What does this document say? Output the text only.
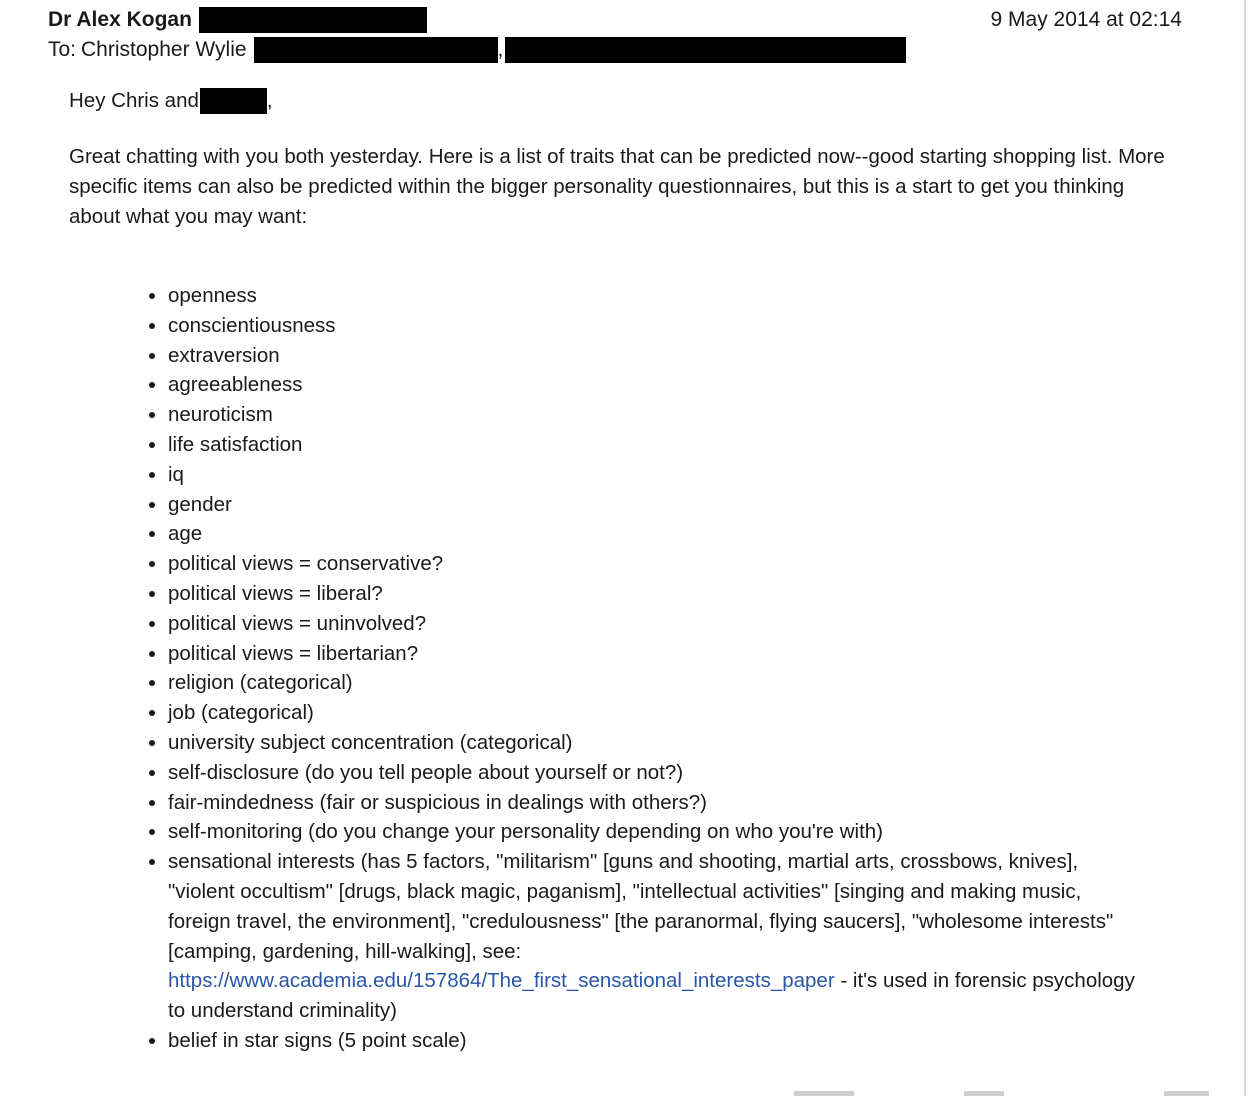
Dr Alex Kogan	9 May 2014 at 02:14
To: Christopher Wylie	,
Hey Chris and	,

Great chatting with you both yesterday. Here is a list of traits that can be predicted now--good starting shopping list. More specific items can also be predicted within the bigger personality questionnaires, but this is a start to get you thinking about what you may want:

openness
conscientiousness
extraversion
agreeableness
neuroticism
life satisfaction
iq
gender
age
political views = conservative?
political views = liberal?
political views = uninvolved?
political views = libertarian?
religion (categorical)
job (categorical)
university subject concentration (categorical)
self-disclosure (do you tell people about yourself or not?)
fair-mindedness (fair or suspicious in dealings with others?)
self-monitoring (do you change your personality depending on who you're with)
sensational interests (has 5 factors, "militarism" [guns and shooting, martial arts, crossbows, knives], "violent occultism" [drugs, black magic, paganism], "intellectual activities" [singing and making music, foreign travel, the environment], "credulousness" [the paranormal, flying saucers], "wholesome interests" [camping, gardening, hill-walking], see: https://www.academia.edu/157864/The_first_sensational_interests_paper - it's used in forensic psychology to understand criminality)
belief in star signs (5 point scale)
